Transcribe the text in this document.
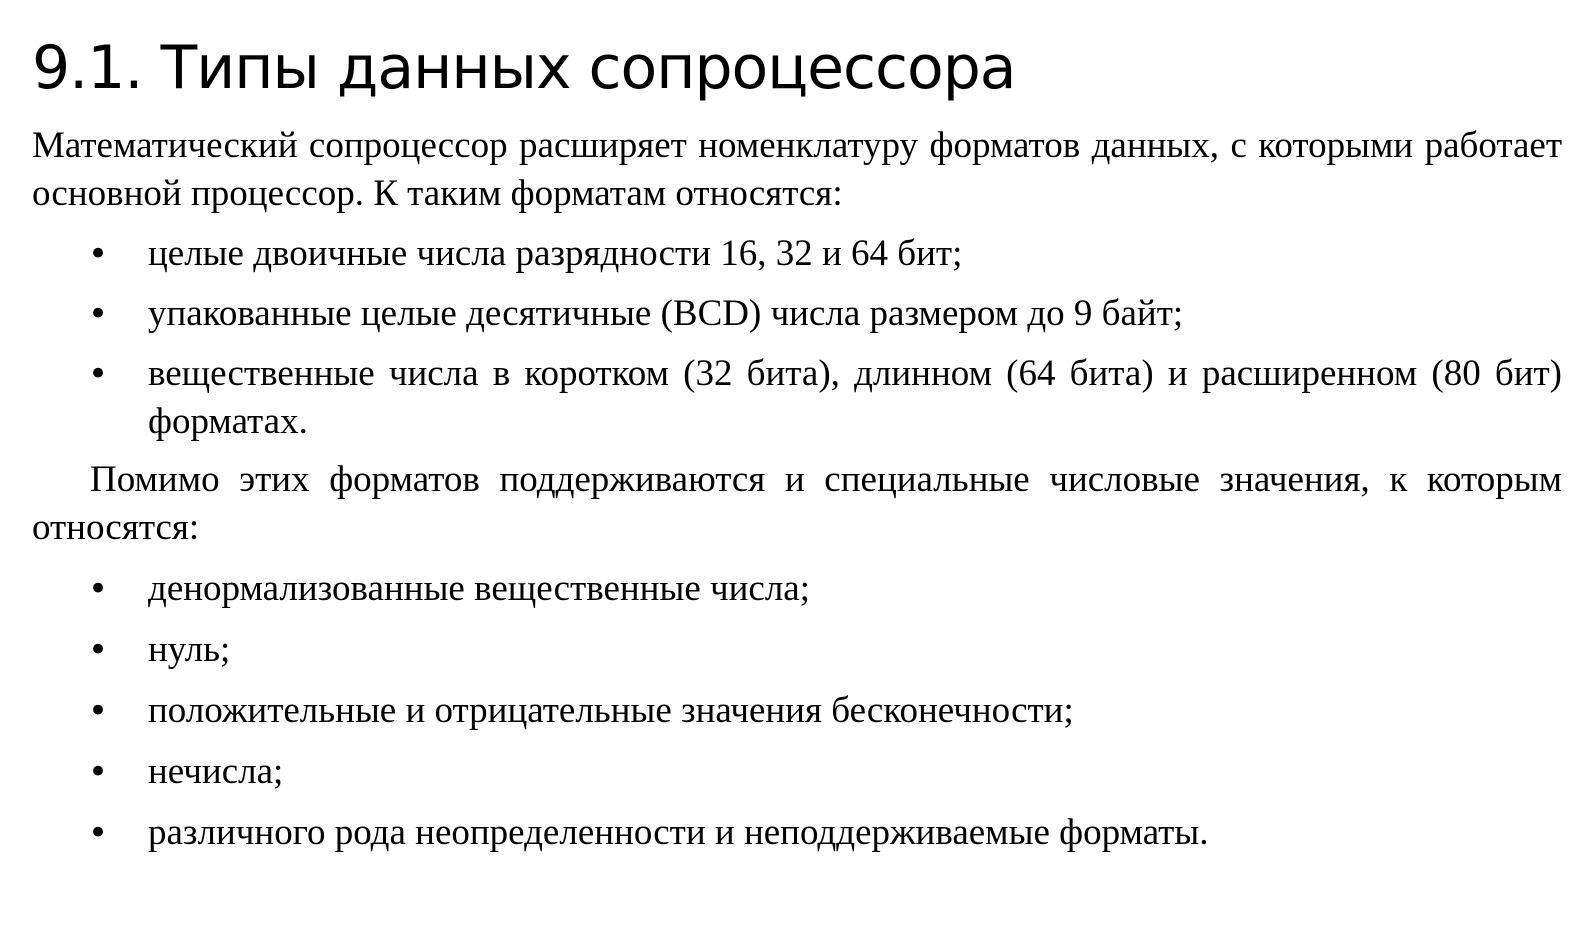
9.1. Типы данных сопроцессора

Математический сопроцессор расширяет номенклатуру форматов данных, с которыми работает основной процессор. К таким форматам относятся:

• целые двоичные числа разрядности 16, 32 и 64 бит;
• упакованные целые десятичные (BCD) числа размером до 9 байт;
• вещественные числа в коротком (32 бита), длинном (64 бита) и расширенном (80 бит) форматах.

Помимо этих форматов поддерживаются и специальные числовые значения, к которым относятся:

• денормализованные вещественные числа;
• нуль;
• положительные и отрицательные значения бесконечности;
• нечисла;
• различного рода неопределенности и неподдерживаемые форматы.
